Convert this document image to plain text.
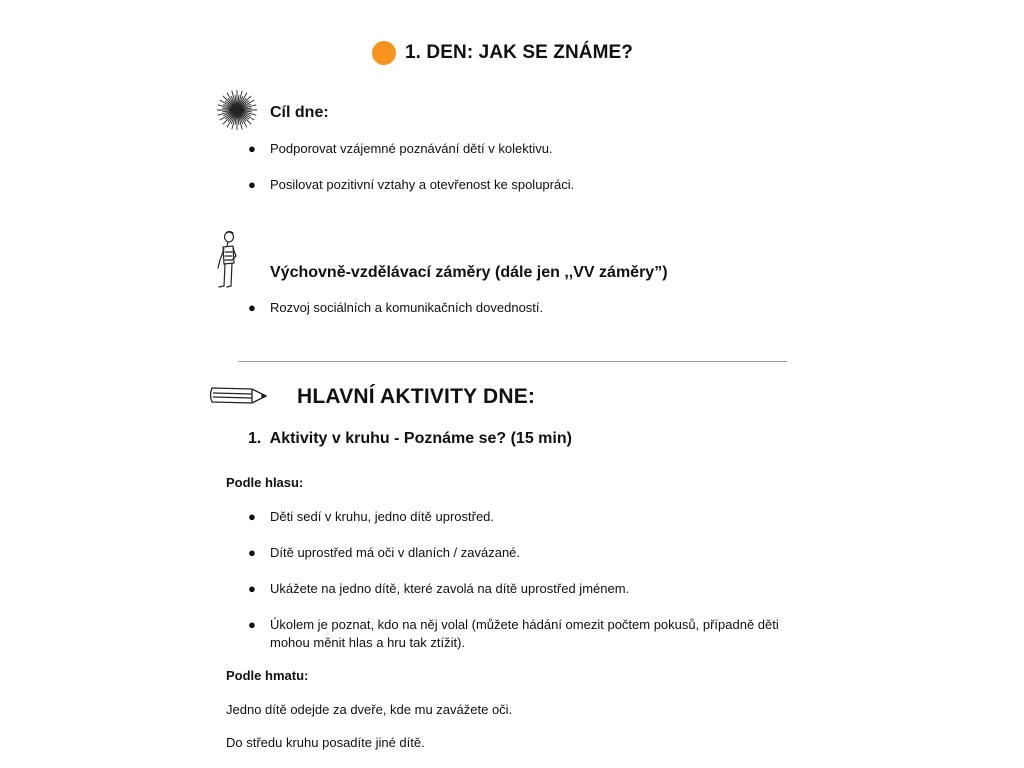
1. DEN: JAK SE ZNÁME?
Cíl dne:
● Podporovat vzájemné poznávání dětí v kolektivu.
● Posilovat pozitivní vztahy a otevřenost ke spolupráci.
Výchovně-vzdělávací záměry (dále jen ,,VV záměry”)
● Rozvoj sociálních a komunikačních dovedností.
HLAVNÍ AKTIVITY DNE:
1. Aktivity v kruhu - Poznáme se? (15 min)
Podle hlasu:
● Děti sedí v kruhu, jedno dítě uprostřed.
● Dítě uprostřed má oči v dlaních / zavázané.
● Ukážete na jedno dítě, které zavolá na dítě uprostřed jménem.
● Úkolem je poznat, kdo na něj volal (můžete hádání omezit počtem pokusů, případně děti mohou měnit hlas a hru tak ztížit).
Podle hmatu:
Jedno dítě odejde za dveře, kde mu zavážete oči.
Do středu kruhu posadíte jiné dítě.
